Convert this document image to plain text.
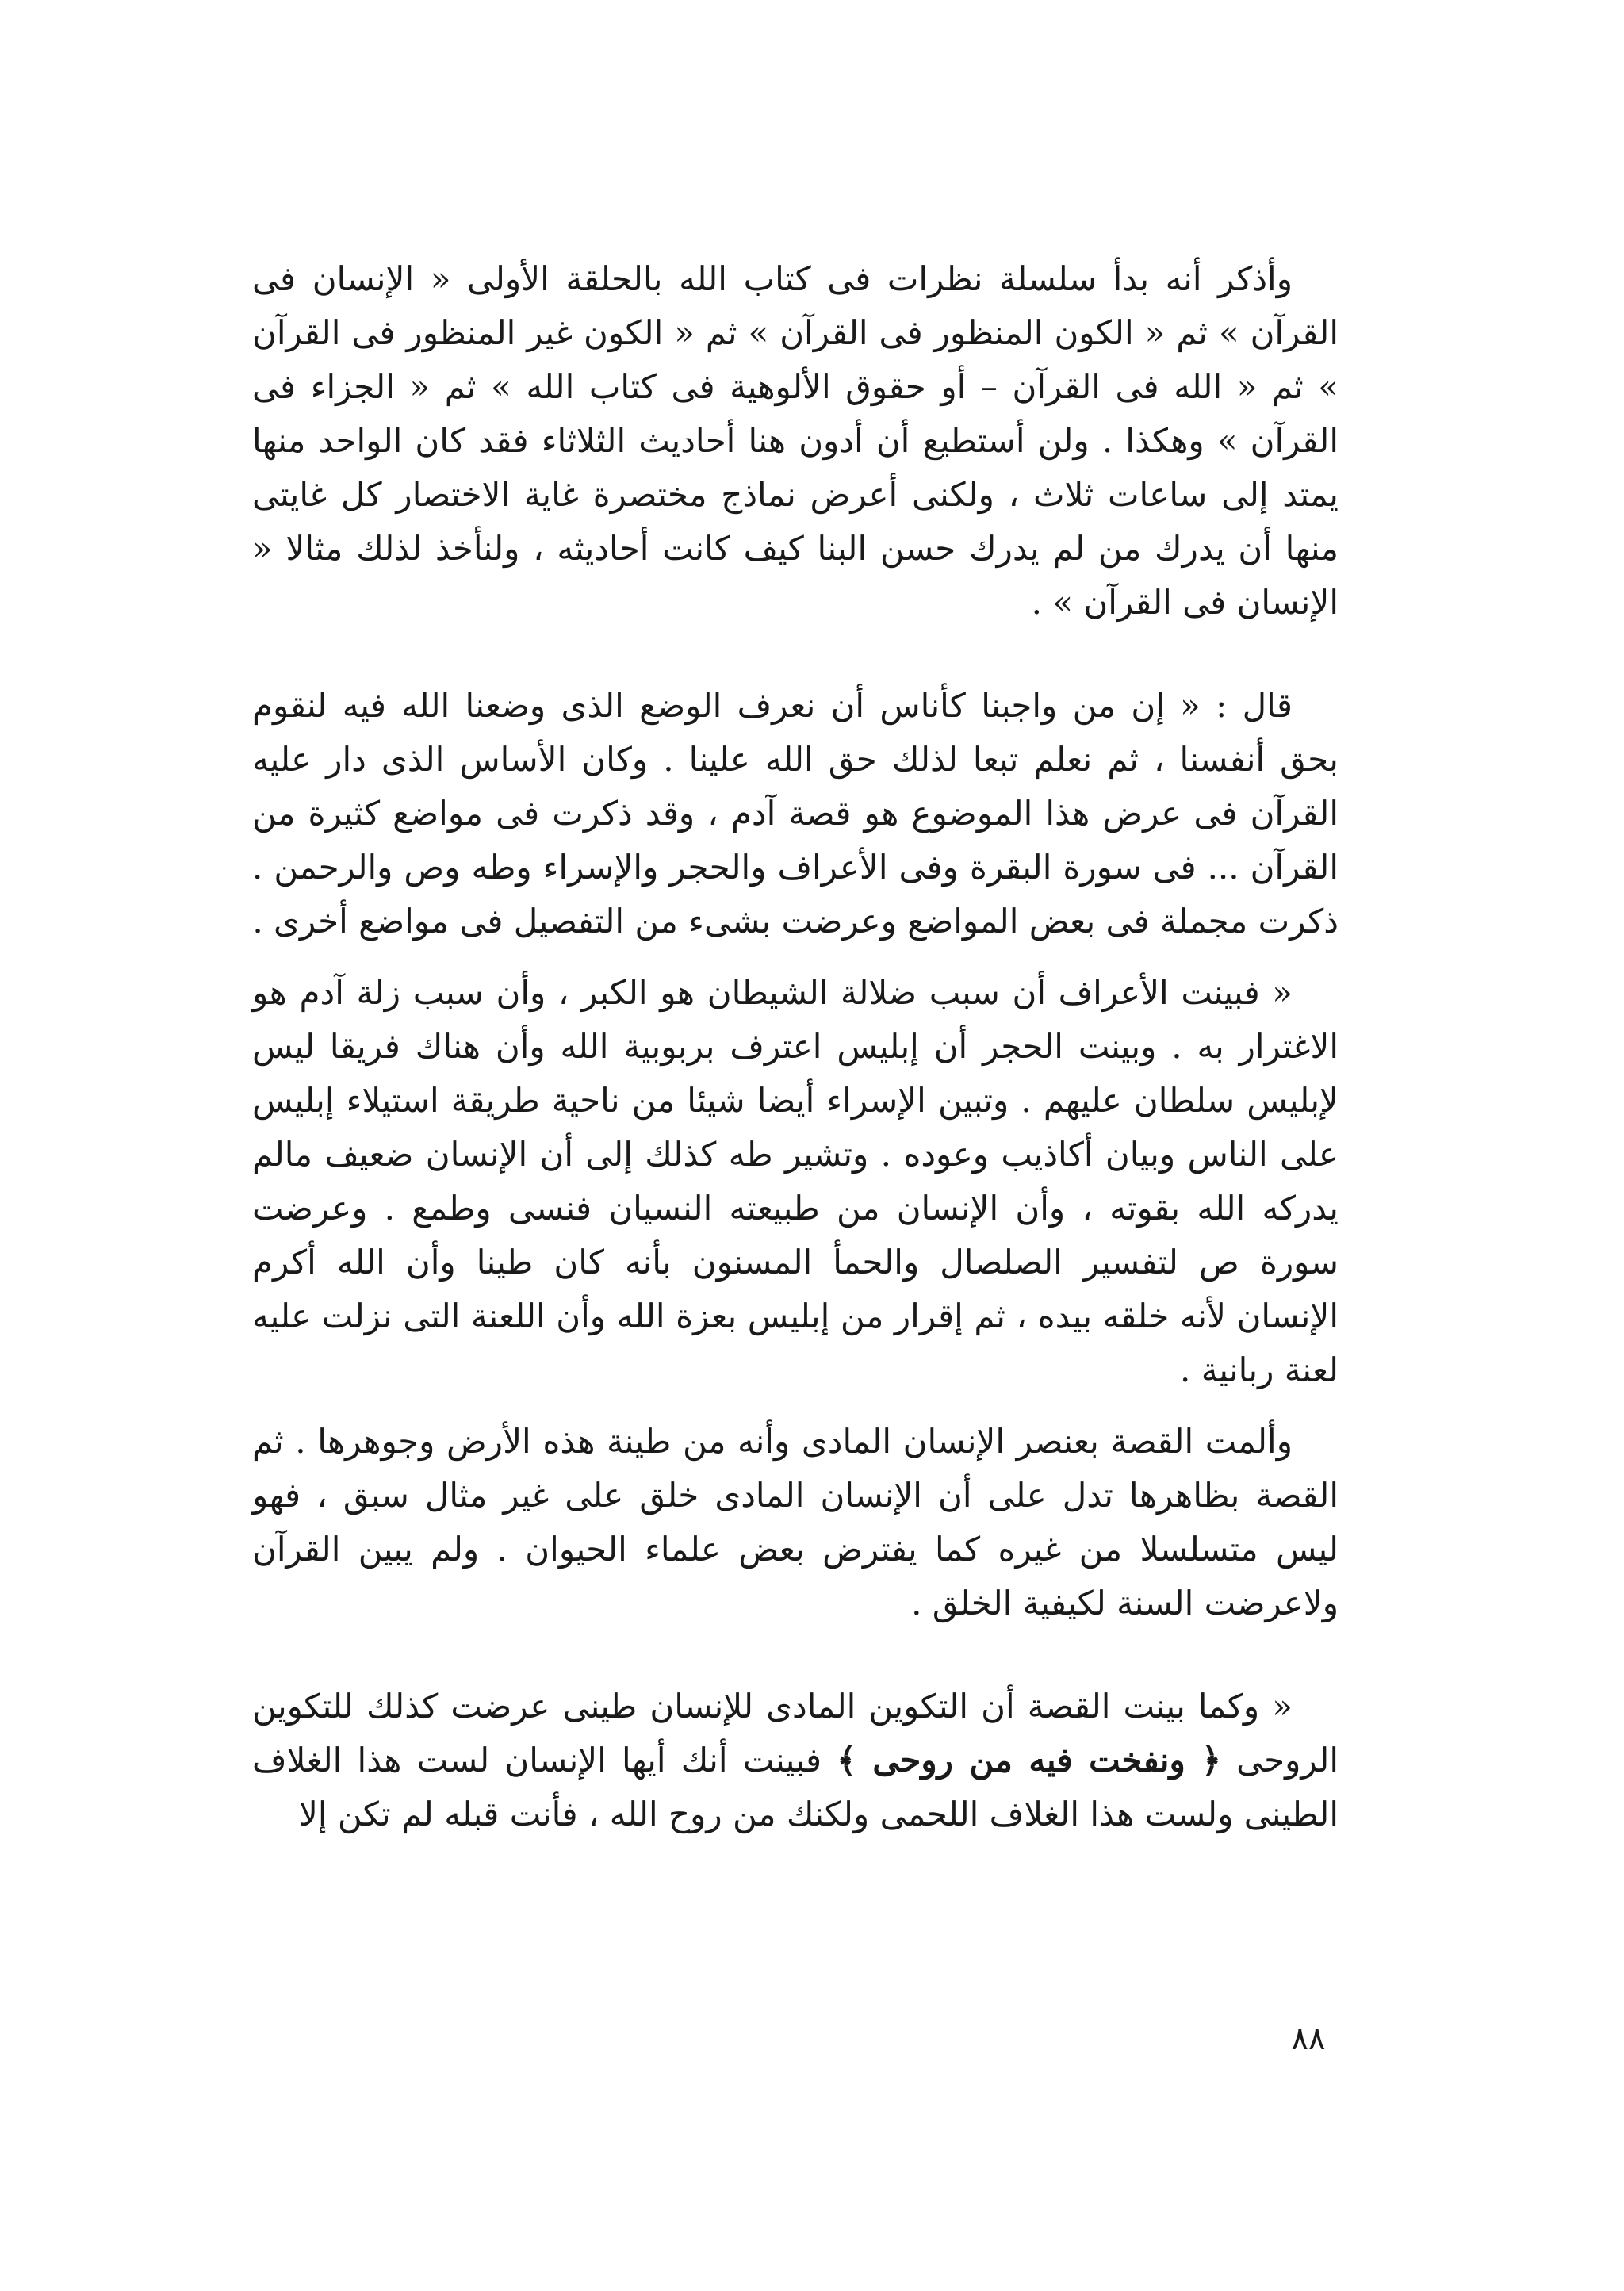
وأذكر أنه بدأ سلسلة نظرات فى كتاب الله بالحلقة الأولى « الإنسان فى القرآن » ثم « الكون المنظور فى القرآن » ثم « الكون غير المنظور فى القرآن » ثم « الله فى القرآن – أو حقوق الألوهية فى كتاب الله » ثم « الجزاء فى القرآن » وهكذا . ولن أستطيع أن أدون هنا أحاديث الثلاثاء فقد كان الواحد منها يمتد إلى ساعات ثلاث ، ولكنى أعرض نماذج مختصرة غاية الاختصار كل غايتى منها أن يدرك من لم يدرك حسن البنا كيف كانت أحاديثه ، ولنأخذ لذلك مثالا « الإنسان فى القرآن » .

قال : « إن من واجبنا كأناس أن نعرف الوضع الذى وضعنا الله فيه لنقوم بحق أنفسنا ، ثم نعلم تبعا لذلك حق الله علينا . وكان الأساس الذى دار عليه القرآن فى عرض هذا الموضوع هو قصة آدم ، وقد ذكرت فى مواضع كثيرة من القرآن ... فى سورة البقرة وفى الأعراف والحجر والإسراء وطه وص والرحمن . ذكرت مجملة فى بعض المواضع وعرضت بشىء من التفصيل فى مواضع أخرى .

« فبينت الأعراف أن سبب ضلالة الشيطان هو الكبر ، وأن سبب زلة آدم هو الاغترار به . وبينت الحجر أن إبليس اعترف بربوبية الله وأن هناك فريقا ليس لإبليس سلطان عليهم . وتبين الإسراء أيضا شيئا من ناحية طريقة استيلاء إبليس على الناس وبيان أكاذيب وعوده . وتشير طه كذلك إلى أن الإنسان ضعيف مالم يدركه الله بقوته ، وأن الإنسان من طبيعته النسيان فنسى وطمع . وعرضت سورة ص لتفسير الصلصال والحمأ المسنون بأنه كان طينا وأن الله أكرم الإنسان لأنه خلقه بيده ، ثم إقرار من إبليس بعزة الله وأن اللعنة التى نزلت عليه لعنة ربانية .

وألمت القصة بعنصر الإنسان المادى وأنه من طينة هذه الأرض وجوهرها . ثم القصة بظاهرها تدل على أن الإنسان المادى خلق على غير مثال سبق ، فهو ليس متسلسلا من غيره كما يفترض بعض علماء الحيوان . ولم يبين القرآن ولاعرضت السنة لكيفية الخلق .

« وكما بينت القصة أن التكوين المادى للإنسان طينى عرضت كذلك للتكوين الروحى ﴿ ونفخت فيه من روحى ﴾ فبينت أنك أيها الإنسان لست هذا الغلاف الطينى ولست هذا الغلاف اللحمى ولكنك من روح الله ، فأنت قبله لم تكن إلا

٨٨
